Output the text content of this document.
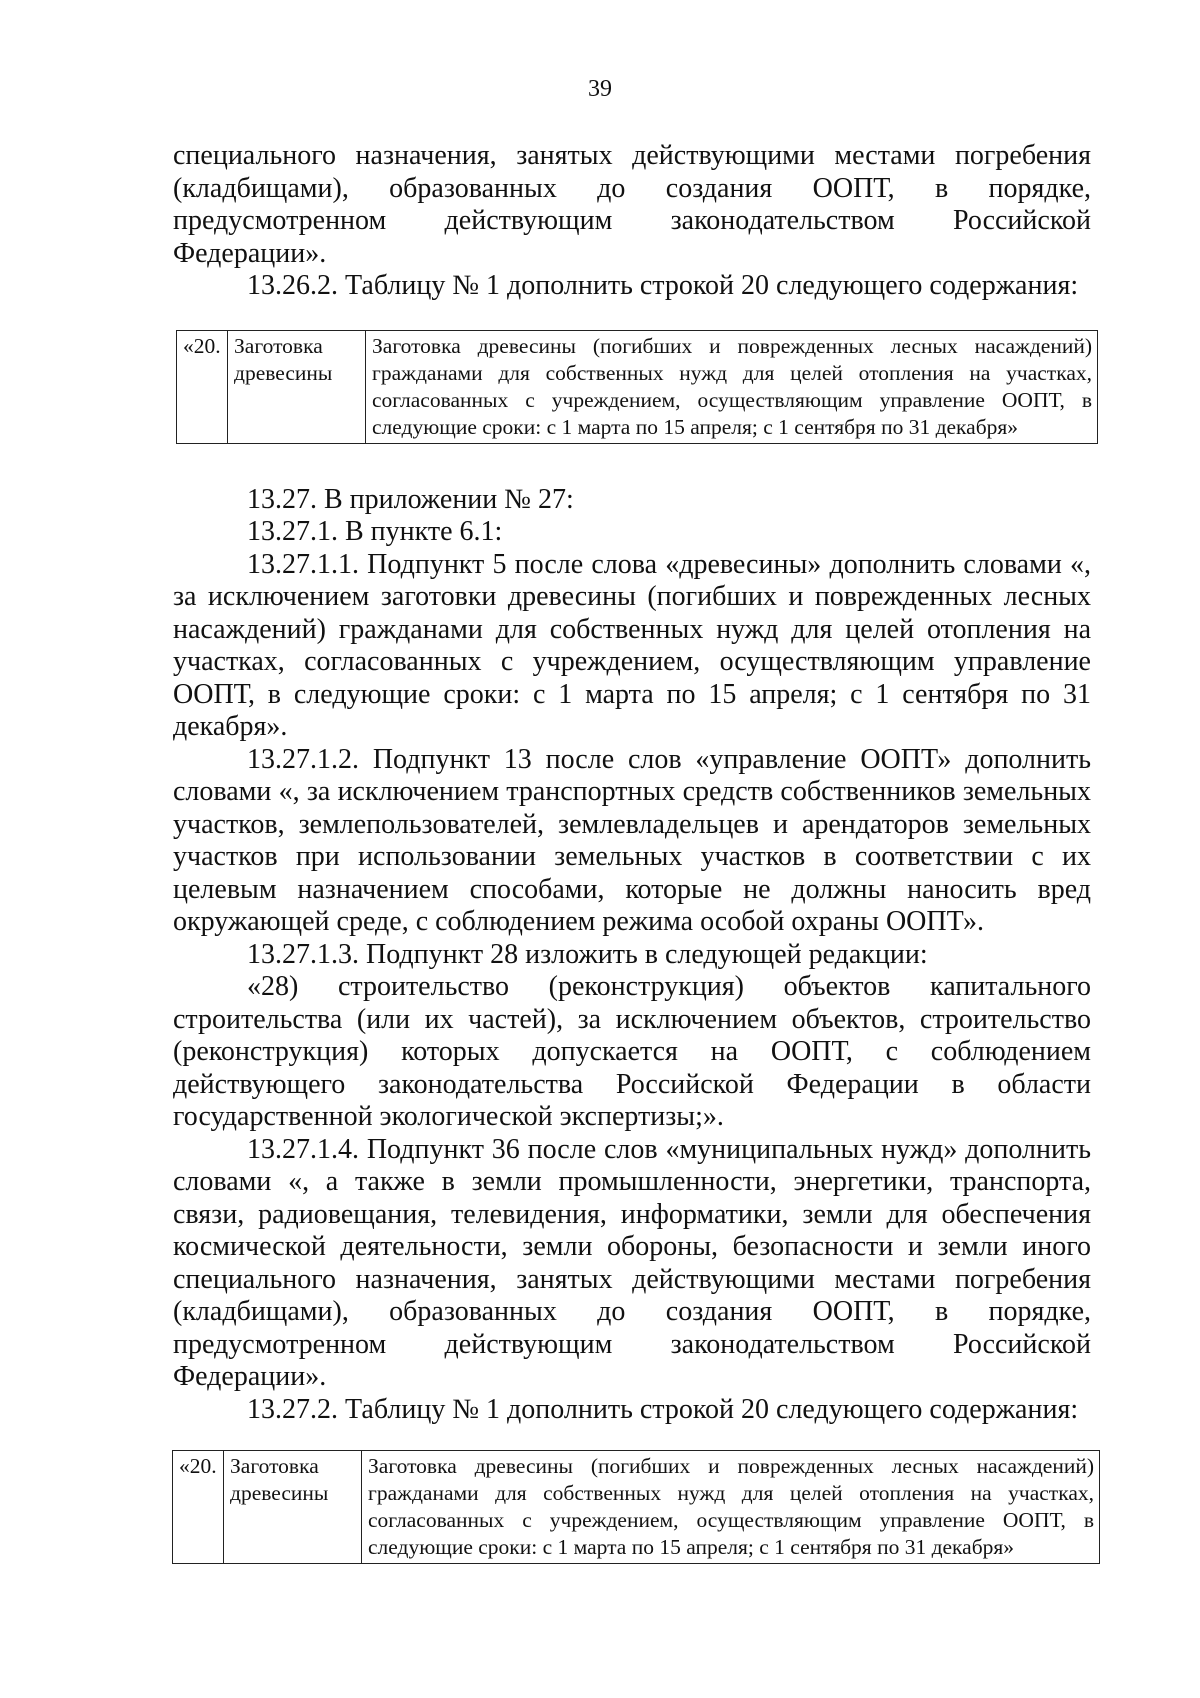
39

специального назначения, занятых действующими местами погребения (кладбищами), образованных до создания ООПТ, в порядке, предусмотренном действующим законодательством Российской Федерации».

13.26.2. Таблицу № 1 дополнить строкой 20 следующего содержания:

«20.	Заготовка древесины	Заготовка древесины (погибших и поврежденных лесных насаждений) гражданами для собственных нужд для целей отопления на участках, согласованных с учреждением, осуществляющим управление ООПТ, в следующие сроки: с 1 марта по 15 апреля; с 1 сентября по 31 декабря»

13.27. В приложении № 27:

13.27.1. В пункте 6.1:

13.27.1.1. Подпункт 5 после слова «древесины» дополнить словами «, за исключением заготовки древесины (погибших и поврежденных лесных насаждений) гражданами для собственных нужд для целей отопления на участках, согласованных с учреждением, осуществляющим управление ООПТ, в следующие сроки: с 1 марта по 15 апреля; с 1 сентября по 31 декабря».

13.27.1.2. Подпункт 13 после слов «управление ООПТ» дополнить словами «, за исключением транспортных средств собственников земельных участков, землепользователей, землевладельцев и арендаторов земельных участков при использовании земельных участков в соответствии с их целевым назначением способами, которые не должны наносить вред окружающей среде, с соблюдением режима особой охраны ООПТ».

13.27.1.3. Подпункт 28 изложить в следующей редакции:

«28) строительство (реконструкция) объектов капитального строительства (или их частей), за исключением объектов, строительство (реконструкция) которых допускается на ООПТ, с соблюдением действующего законодательства Российской Федерации в области государственной экологической экспертизы;».

13.27.1.4. Подпункт 36 после слов «муниципальных нужд» дополнить словами «, а также в земли промышленности, энергетики, транспорта, связи, радиовещания, телевидения, информатики, земли для обеспечения космической деятельности, земли обороны, безопасности и земли иного специального назначения, занятых действующими местами погребения (кладбищами), образованных до создания ООПТ, в порядке, предусмотренном действующим законодательством Российской Федерации».

13.27.2. Таблицу № 1 дополнить строкой 20 следующего содержания:

«20.	Заготовка древесины	Заготовка древесины (погибших и поврежденных лесных насаждений) гражданами для собственных нужд для целей отопления на участках, согласованных с учреждением, осуществляющим управление ООПТ, в следующие сроки: с 1 марта по 15 апреля; с 1 сентября по 31 декабря»
